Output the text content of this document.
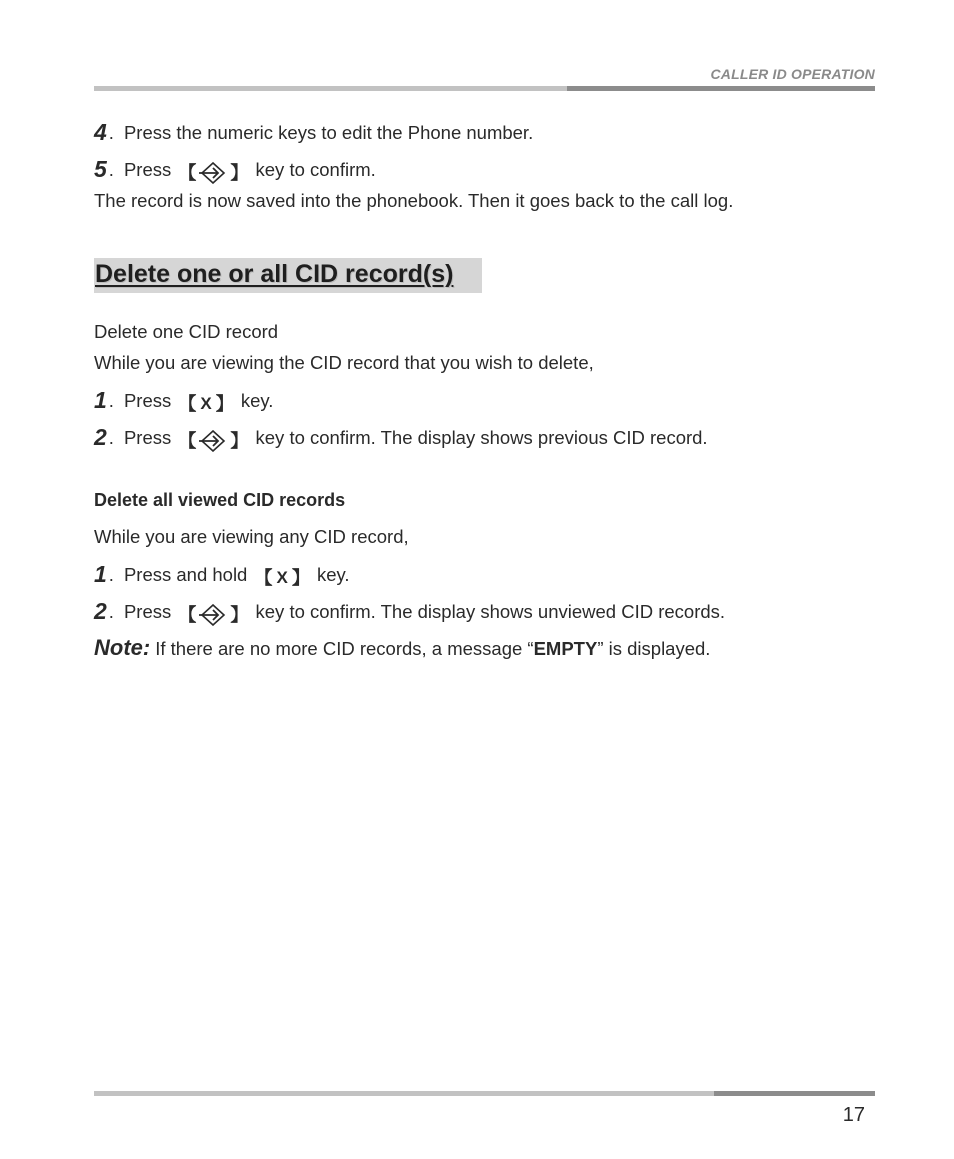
CALLER ID OPERATION
4 . Press the numeric keys to edit the Phone number.
5 . Press 【 】 key to confirm.
The record is now saved into the phonebook. Then it goes back to the call log.
Delete one or all CID record(s)
Delete one CID record
While you are viewing the CID record that you wish to delete,
1 . Press 【 X 】 key.
2 . Press 【 】 key to confirm. The display shows previous CID record.
Delete all viewed CID records
While you are viewing any CID record,
1 . Press and hold 【 X 】 key.
2 . Press 【 】 key to confirm. The display shows unviewed CID records.
Note: If there are no more CID records, a message “EMPTY” is displayed.
17
